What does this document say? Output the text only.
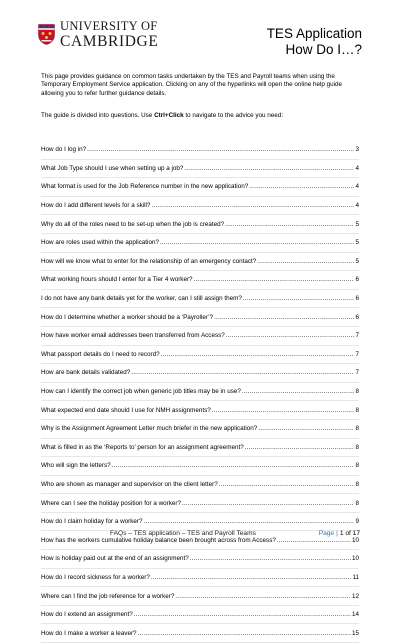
UNIVERSITY OF
CAMBRIDGE	TES Application
How Do I…?
This page provides guidance on common tasks undertaken by the TES and Payroll teams when using the Temporary Employment Service application. Clicking on any of the hyperlinks will open the online help guide allowing you to refer further guidance details.
The guide is divided into questions. Use Ctrl+Click to navigate to the advice you need:
How do I log in? .....	3
What Job Type should I use when setting up a job? .....	4
What format is used for the Job Reference number in the new application? .....	4
How do I add different levels for a skill? .....	4
Why do all of the roles need to be set-up when the job is created? .....	5
How are roles used within the application? .....	5
How will we know what to enter for the relationship of an emergency contact? .....	5
What working hours should I enter for a Tier 4 worker? .....	6
I do not have any bank details yet for the worker, can I still assign them? .....	6
How do I determine whether a worker should be a ‘Payroller’? .....	6
How have worker email addresses been transferred from Access? .....	7
What passport details do I need to record? .....	7
How are bank details validated? .....	7
How can I identify the correct job when generic job titles may be in use? .....	8
What expected end date should I use for NMH assignments? .....	8
Why is the Assignment Agreement Letter much briefer in the new application? .....	8
What is filled in as the ‘Reports to’ person for an assignment agreement? .....	8
Who will sign the letters? .....	8
Who are shown as manager and supervisor on the client letter? .....	8
Where can I see the holiday position for a worker? .....	8
How do I claim holiday for a worker? .....	9
How has the workers cumulative holiday balance been brought across from Access? .....	10
How is holiday paid out at the end of an assignment? .....	10
How do I record sickness for a worker? .....	11
Where can I find the job reference for a worker? .....	12
How do I extend an assignment? .....	14
How do I make a worker a leaver? .....	15
FAQs – TES application – TES and Payroll Teams	Page | 1 of 17
